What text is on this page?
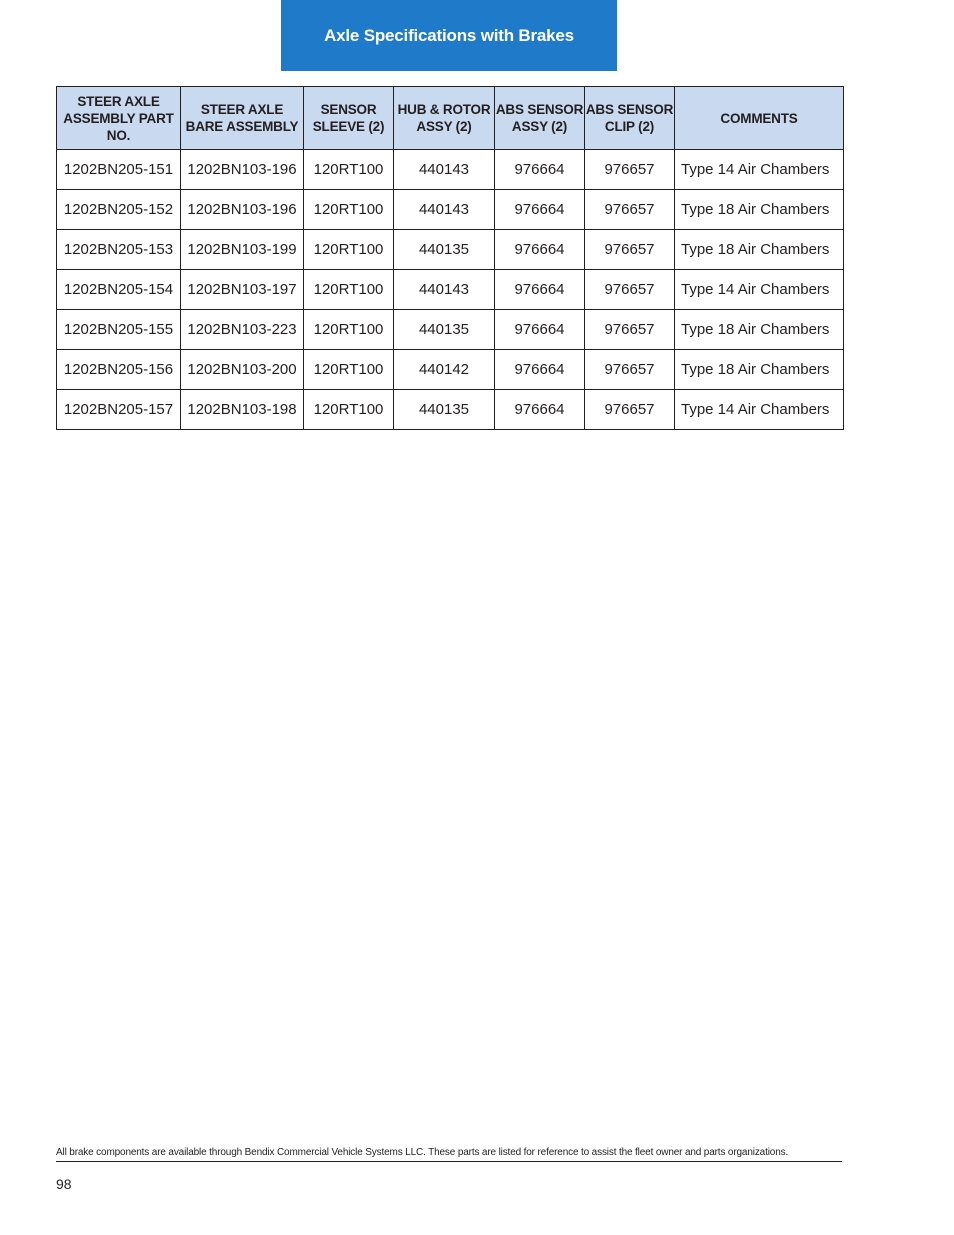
Axle Specifications with Brakes
STEER AXLE ASSEMBLY PART NO.	STEER AXLE BARE ASSEMBLY	SENSOR SLEEVE (2)	HUB & ROTOR ASSY (2)	ABS SENSOR ASSY (2)	ABS SENSOR CLIP (2)	COMMENTS
1202BN205-151	1202BN103-196	120RT100	440143	976664	976657	Type 14 Air Chambers
1202BN205-152	1202BN103-196	120RT100	440143	976664	976657	Type 18 Air Chambers
1202BN205-153	1202BN103-199	120RT100	440135	976664	976657	Type 18 Air Chambers
1202BN205-154	1202BN103-197	120RT100	440143	976664	976657	Type 14 Air Chambers
1202BN205-155	1202BN103-223	120RT100	440135	976664	976657	Type 18 Air Chambers
1202BN205-156	1202BN103-200	120RT100	440142	976664	976657	Type 18 Air Chambers
1202BN205-157	1202BN103-198	120RT100	440135	976664	976657	Type 14 Air Chambers
All brake components are available through Bendix Commercial Vehicle Systems LLC. These parts are listed for reference to assist the fleet owner and parts organizations.
98
